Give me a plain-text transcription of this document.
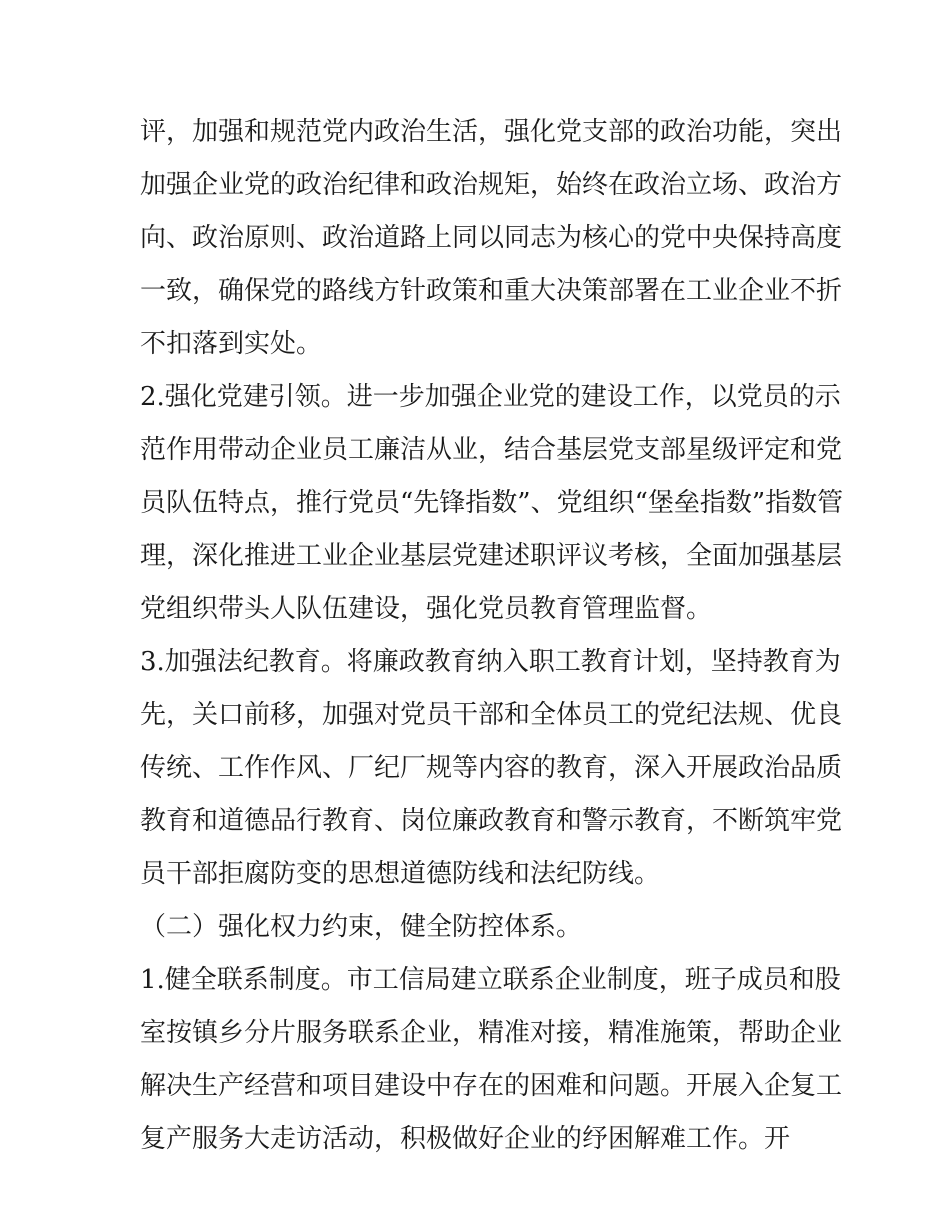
评，加强和规范党内政治生活，强化党支部的政治功能，突出
加强企业党的政治纪律和政治规矩，始终在政治立场、政治方
向、政治原则、政治道路上同以同志为核心的党中央保持高度
一致，确保党的路线方针政策和重大决策部署在工业企业不折
不扣落到实处。
2.强化党建引领。进一步加强企业党的建设工作，以党员的示
范作用带动企业员工廉洁从业，结合基层党支部星级评定和党
员队伍特点，推行党员“先锋指数”、党组织“堡垒指数”指数管
理，深化推进工业企业基层党建述职评议考核，全面加强基层
党组织带头人队伍建设，强化党员教育管理监督。
3.加强法纪教育。将廉政教育纳入职工教育计划，坚持教育为
先，关口前移，加强对党员干部和全体员工的党纪法规、优良
传统、工作作风、厂纪厂规等内容的教育，深入开展政治品质
教育和道德品行教育、岗位廉政教育和警示教育，不断筑牢党
员干部拒腐防变的思想道德防线和法纪防线。
（二）强化权力约束，健全防控体系。
1.健全联系制度。市工信局建立联系企业制度，班子成员和股
室按镇乡分片服务联系企业，精准对接，精准施策，帮助企业
解决生产经营和项目建设中存在的困难和问题。开展入企复工
复产服务大走访活动，积极做好企业的纾困解难工作。开
